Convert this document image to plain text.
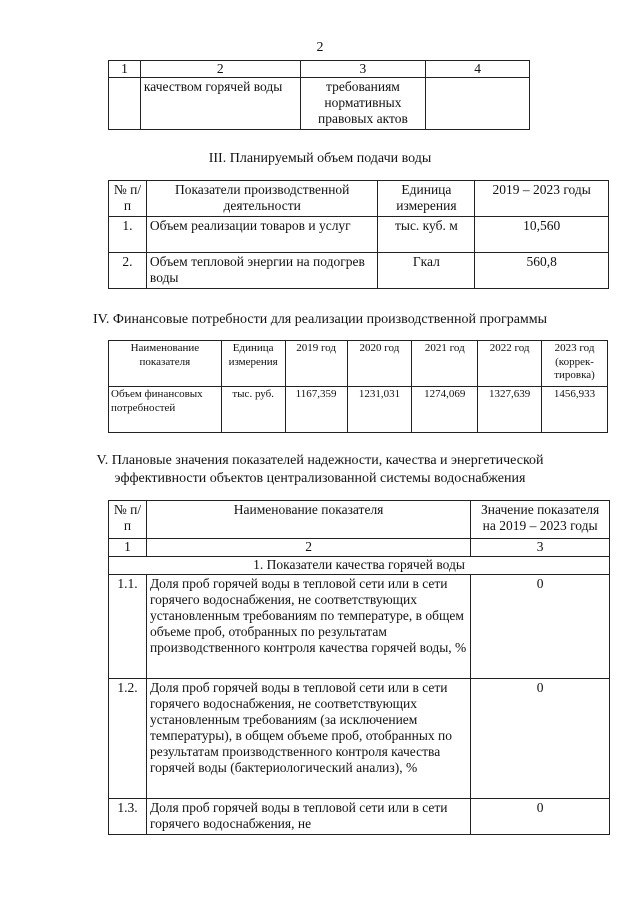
2
1	2	3	4
	качеством горячей воды	требованиям нормативных правовых актов	
III. Планируемый объем подачи воды
№ п/п	Показатели производственной деятельности	Единица измерения	2019 – 2023 годы
1.	Объем реализации товаров и услуг	тыс. куб. м	10,560
2.	Объем тепловой энергии на подогрев воды	Гкал	560,8
IV. Финансовые потребности для реализации производственной программы
Наименование показателя	Единица измерения	2019 год	2020 год	2021 год	2022 год	2023 год (коррек-тировка)
Объем финансовых потребностей	тыс. руб.	1167,359	1231,031	1274,069	1327,639	1456,933
V. Плановые значения показателей надежности, качества и энергетической
эффективности объектов централизованной системы водоснабжения
№ п/п	Наименование показателя	Значение показателя на 2019 – 2023 годы
1	2	3
1. Показатели качества горячей воды		
1.1.	Доля проб горячей воды в тепловой сети или в сети горячего водоснабжения, не соответствующих установленным требованиям по температуре, в общем объеме проб, отобранных по результатам производственного контроля качества горячей воды, %	0
1.2.	Доля проб горячей воды в тепловой сети или в сети горячего водоснабжения, не соответствующих установленным требованиям (за исключением температуры), в общем объеме проб, отобранных по результатам производственного контроля качества горячей воды (бактериологический анализ), %	0
1.3.	Доля проб горячей воды в тепловой сети или в сети горячего водоснабжения, не	0
